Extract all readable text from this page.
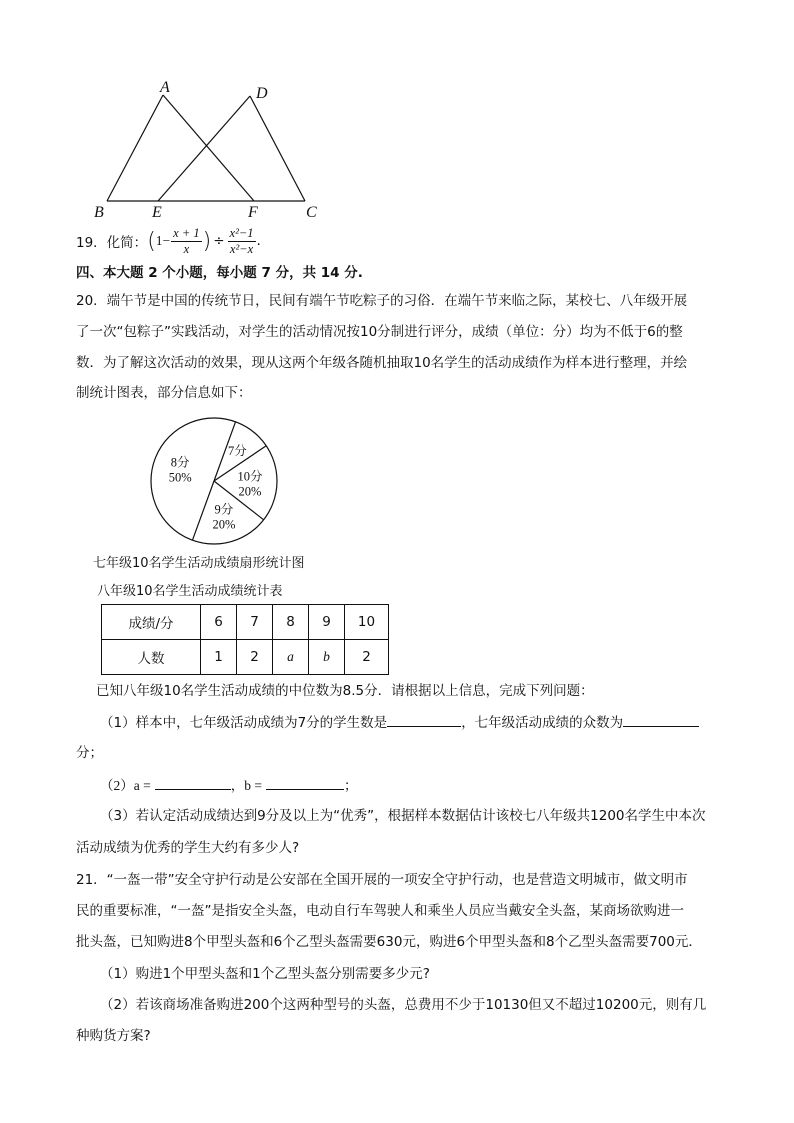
A	D
B	E	F	C
19．化简： ( $1- \frac{x + 1}{x}$ ) ÷ $\frac{\text{x²−1}}{\text{x²−x}}$ .
四、本大题 2 个小题，每小题 7 分，共 14 分.
20．端午节是中国的传统节日，民间有端午节吃粽子的习俗．在端午节来临之际，某校七、八年级开展
了一次“包粽子”实践活动，对学生的活动情况按10分制进行评分，成绩（单位：分）均为不低于6的整
数．为了解这次活动的效果，现从这两个年级各随机抽取10名学生的活动成绩作为样本进行整理，并绘
制统计图表，部分信息如下：
8分
50%
7分
10分
20%
9分
20%
七年级10名学生活动成绩扇形统计图
八年级10名学生活动成绩统计表
成绩/分	6	7	8	9	10
人数	1	2	a	b	2
已知八年级10名学生活动成绩的中位数为8.5分．请根据以上信息，完成下列问题：
（1）样本中，七年级活动成绩为7分的学生数是	，七年级活动成绩的众数为
分；
（2）a =	，b =	；
（3）若认定活动成绩达到9分及以上为“优秀”，根据样本数据估计该校七八年级共1200名学生中本次
活动成绩为优秀的学生大约有多少人?
21．“一盔一带”安全守护行动是公安部在全国开展的一项安全守护行动，也是营造文明城市，做文明市
民的重要标准，“一盔”是指安全头盔，电动自行车驾驶人和乘坐人员应当戴安全头盔，某商场欲购进一
批头盔，已知购进8个甲型头盔和6个乙型头盔需要630元，购进6个甲型头盔和8个乙型头盔需要700元．
（1）购进1个甲型头盔和1个乙型头盔分别需要多少元?
（2）若该商场准备购进200个这两种型号的头盔，总费用不少于10130但又不超过10200元，则有几
种购货方案?
